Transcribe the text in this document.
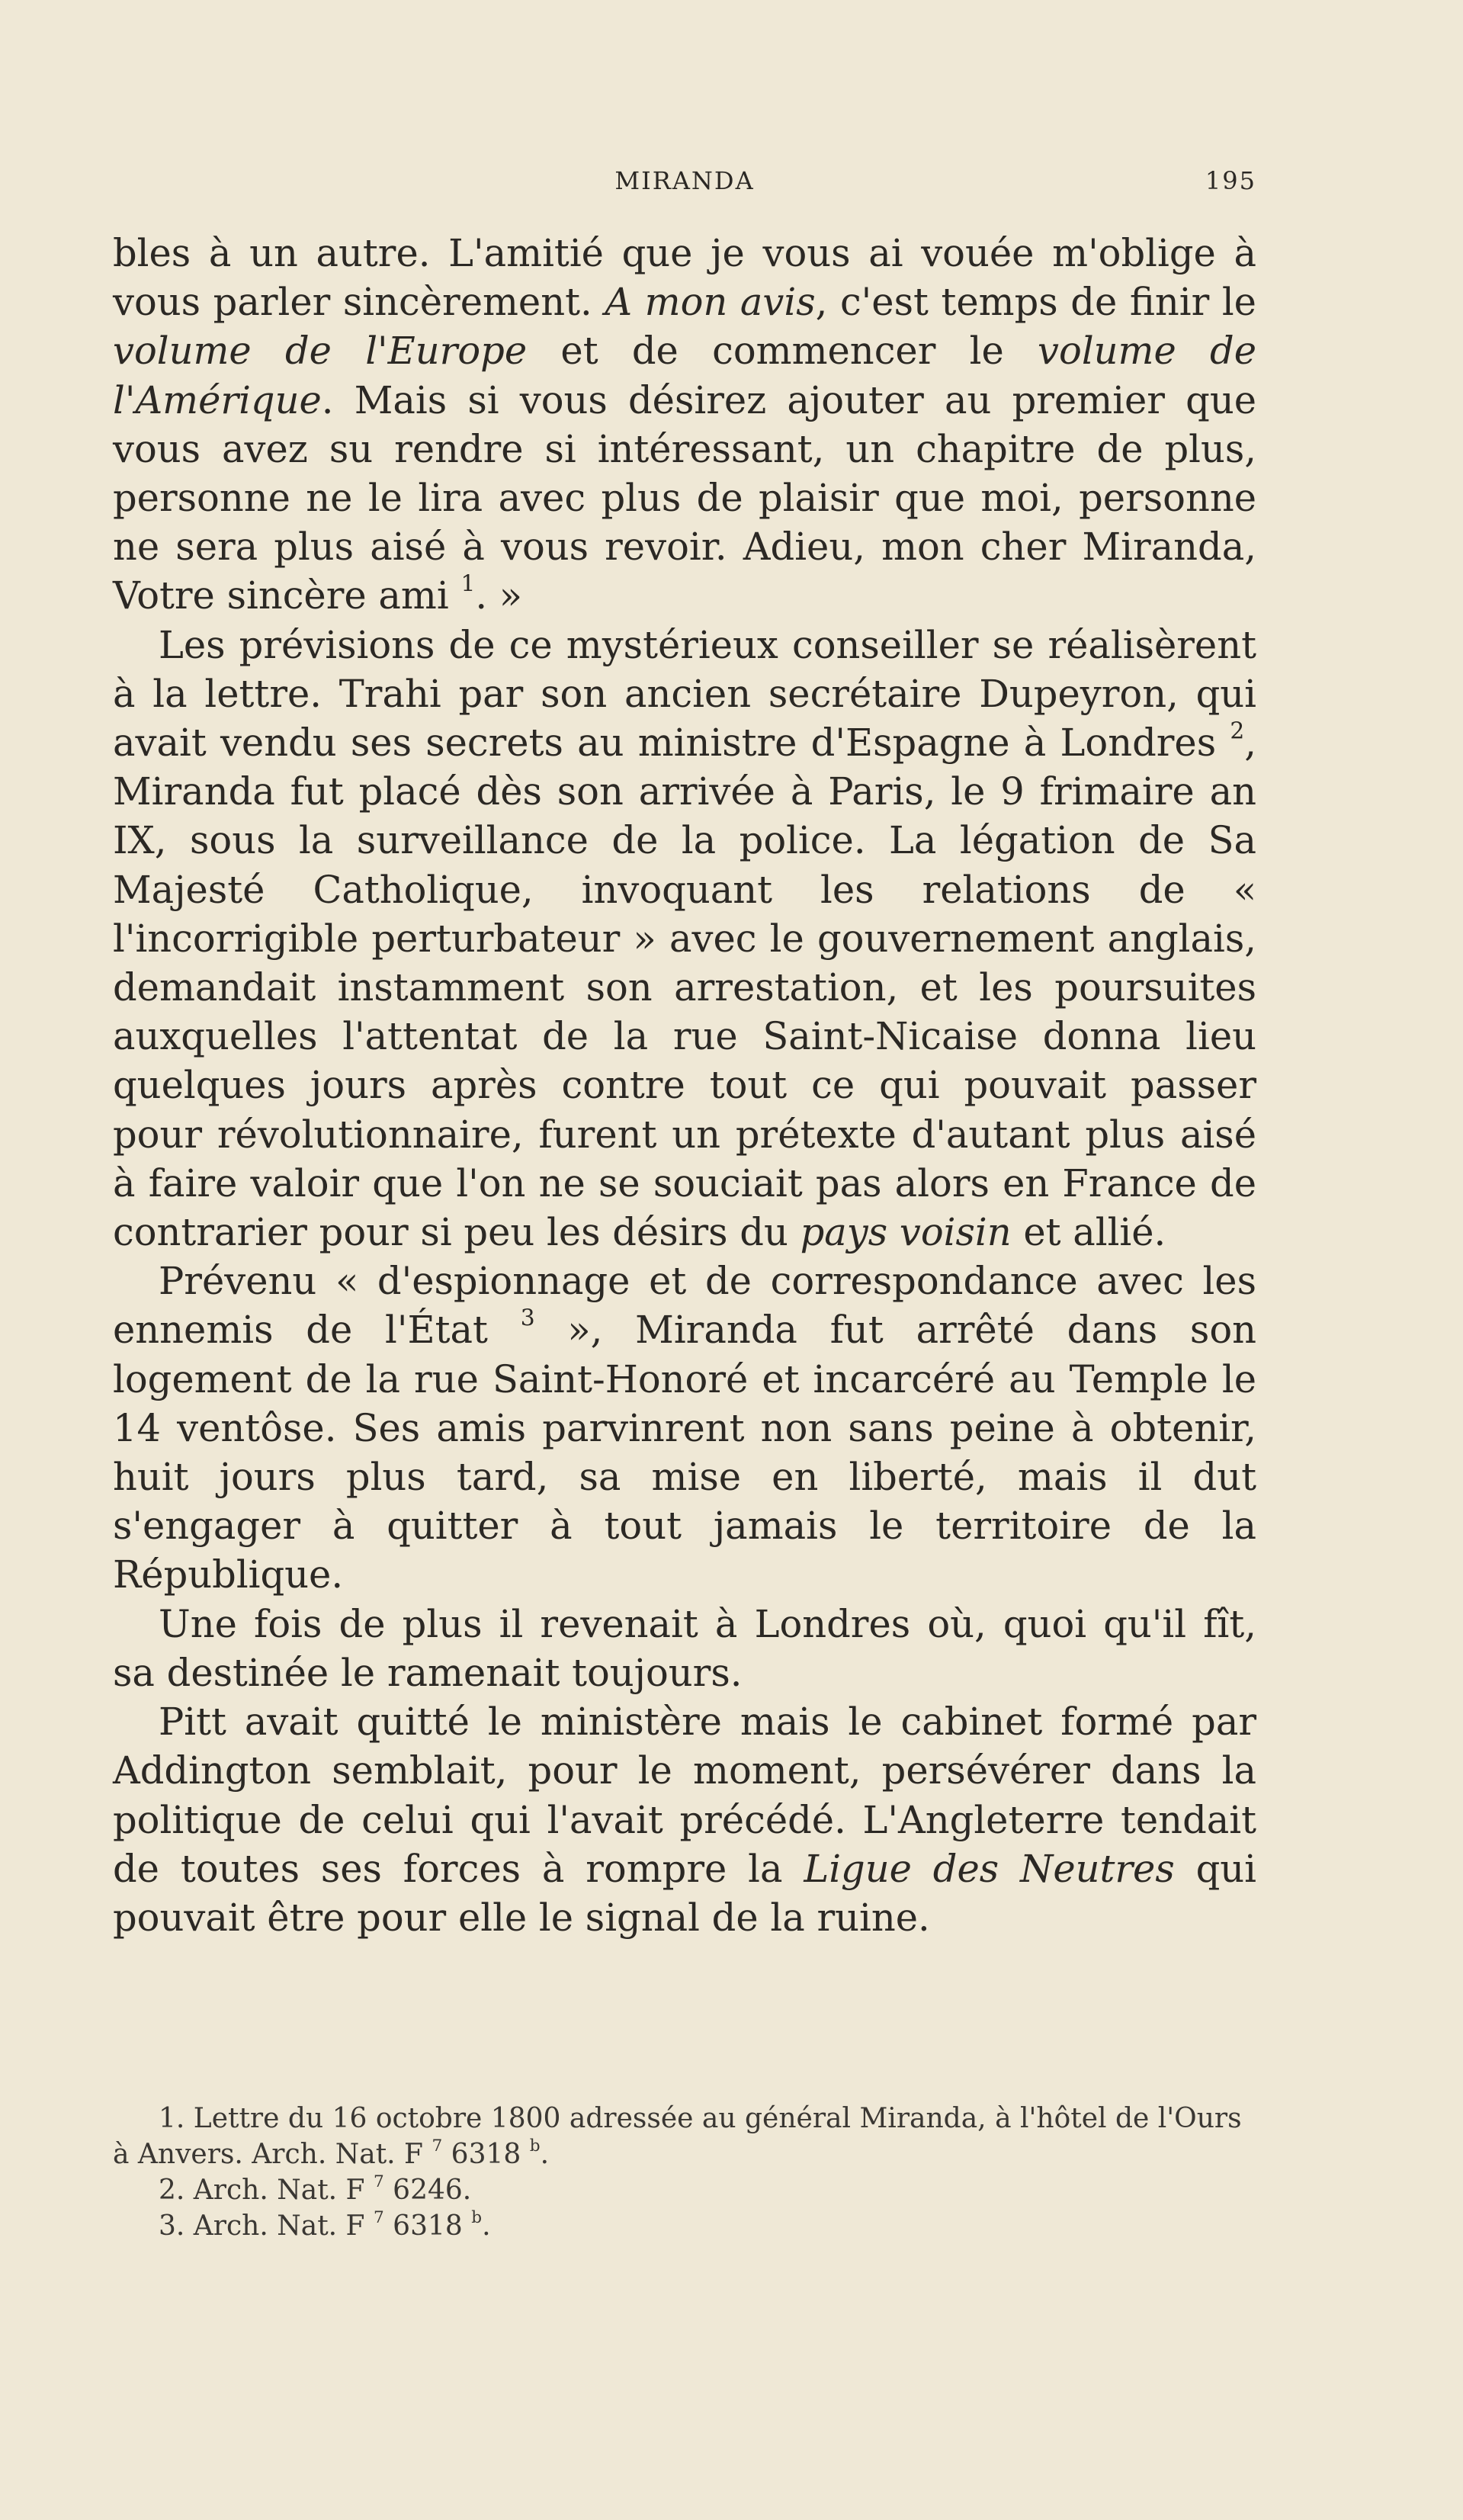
MIRANDA	195

bles à un autre. L'amitié que je vous ai vouée m'oblige à vous parler sincèrement. A mon avis, c'est temps de finir le volume de l'Europe et de commencer le volume de l'Amérique. Mais si vous désirez ajouter au premier que vous avez su rendre si intéressant, un chapitre de plus, personne ne le lira avec plus de plaisir que moi, personne ne sera plus aisé à vous revoir. Adieu, mon cher Miranda, Votre sincère ami $^1$. »

Les prévisions de ce mystérieux conseiller se réalisèrent à la lettre. Trahi par son ancien secrétaire Dupeyron, qui avait vendu ses secrets au ministre d'Espagne à Londres $^2$, Miranda fut placé dès son arrivée à Paris, le 9 frimaire an IX, sous la surveillance de la police. La légation de Sa Majesté Catholique, invoquant les relations de « l'incorrigible perturbateur » avec le gouvernement anglais, demandait instamment son arrestation, et les poursuites auxquelles l'attentat de la rue Saint-Nicaise donna lieu quelques jours après contre tout ce qui pouvait passer pour révolutionnaire, furent un prétexte d'autant plus aisé à faire valoir que l'on ne se souciait pas alors en France de contrarier pour si peu les désirs du pays voisin et allié.

Prévenu « d'espionnage et de correspondance avec les ennemis de l'État $^3$ », Miranda fut arrêté dans son logement de la rue Saint-Honoré et incarcéré au Temple le 14 ventôse. Ses amis parvinrent non sans peine à obtenir, huit jours plus tard, sa mise en liberté, mais il dut s'engager à quitter à tout jamais le territoire de la République.

Une fois de plus il revenait à Londres où, quoi qu'il fît, sa destinée le ramenait toujours.

Pitt avait quitté le ministère mais le cabinet formé par Addington semblait, pour le moment, persévérer dans la politique de celui qui l'avait précédé. L'Angleterre tendait de toutes ses forces à rompre la Ligue des Neutres qui pouvait être pour elle le signal de la ruine.

1. Lettre du 16 octobre 1800 adressée au général Miranda, à l'hôtel de l'Ours à Anvers. Arch. Nat. F $^7$ 6318 $^b$.

2. Arch. Nat. F $^7$ 6246.

3. Arch. Nat. F $^7$ 6318 $^b$.
